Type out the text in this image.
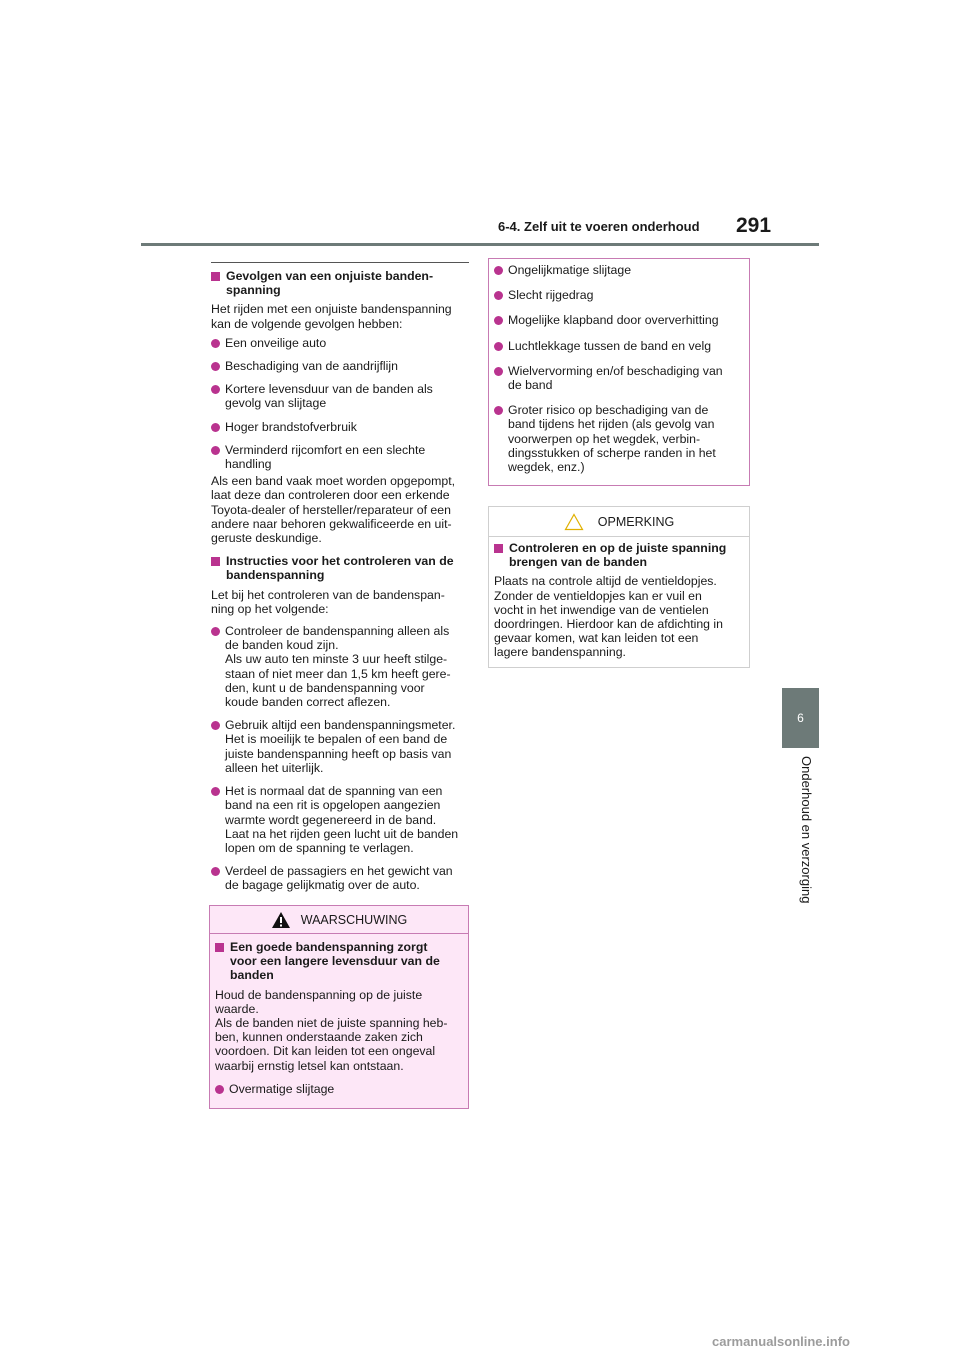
6-4. Zelf uit te voeren onderhoud 291
6
Onderhoud en verzorging
Gevolgen van een onjuiste banden-
spanning
Het rijden met een onjuiste bandenspanning
kan de volgende gevolgen hebben:
Een onveilige auto
Beschadiging van de aandrijflijn
Kortere levensduur van de banden als
gevolg van slijtage
Hoger brandstofverbruik
Verminderd rijcomfort en een slechte
handling
Als een band vaak moet worden opgepompt,
laat deze dan controleren door een erkende
Toyota-dealer of hersteller/reparateur of een
andere naar behoren gekwalificeerde en uit-
geruste deskundige.
Instructies voor het controleren van de
bandenspanning
Let bij het controleren van de bandenspan-
ning op het volgende:
Controleer de bandenspanning alleen als
de banden koud zijn.
Als uw auto ten minste 3 uur heeft stilge-
staan of niet meer dan 1,5 km heeft gere-
den, kunt u de bandenspanning voor
koude banden correct aflezen.
Gebruik altijd een bandenspanningsmeter.
Het is moeilijk te bepalen of een band de
juiste bandenspanning heeft op basis van
alleen het uiterlijk.
Het is normaal dat de spanning van een
band na een rit is opgelopen aangezien
warmte wordt gegenereerd in de band.
Laat na het rijden geen lucht uit de banden
lopen om de spanning te verlagen.
Verdeel de passagiers en het gewicht van
de bagage gelijkmatig over de auto.
WAARSCHUWING
Een goede bandenspanning zorgt
voor een langere levensduur van de
banden
Houd de bandenspanning op de juiste
waarde.
Als de banden niet de juiste spanning heb-
ben, kunnen onderstaande zaken zich
voordoen. Dit kan leiden tot een ongeval
waarbij ernstig letsel kan ontstaan.
Overmatige slijtage
Ongelijkmatige slijtage
Slecht rijgedrag
Mogelijke klapband door oververhitting
Luchtlekkage tussen de band en velg
Wielvervorming en/of beschadiging van
de band
Groter risico op beschadiging van de
band tijdens het rijden (als gevolg van
voorwerpen op het wegdek, verbin-
dingsstukken of scherpe randen in het
wegdek, enz.)
OPMERKING
Controleren en op de juiste spanning
brengen van de banden
Plaats na controle altijd de ventieldopjes.
Zonder de ventieldopjes kan er vuil en
vocht in het inwendige van de ventielen
doordringen. Hierdoor kan de afdichting in
gevaar komen, wat kan leiden tot een
lagere bandenspanning.
carmanualsonline.info
